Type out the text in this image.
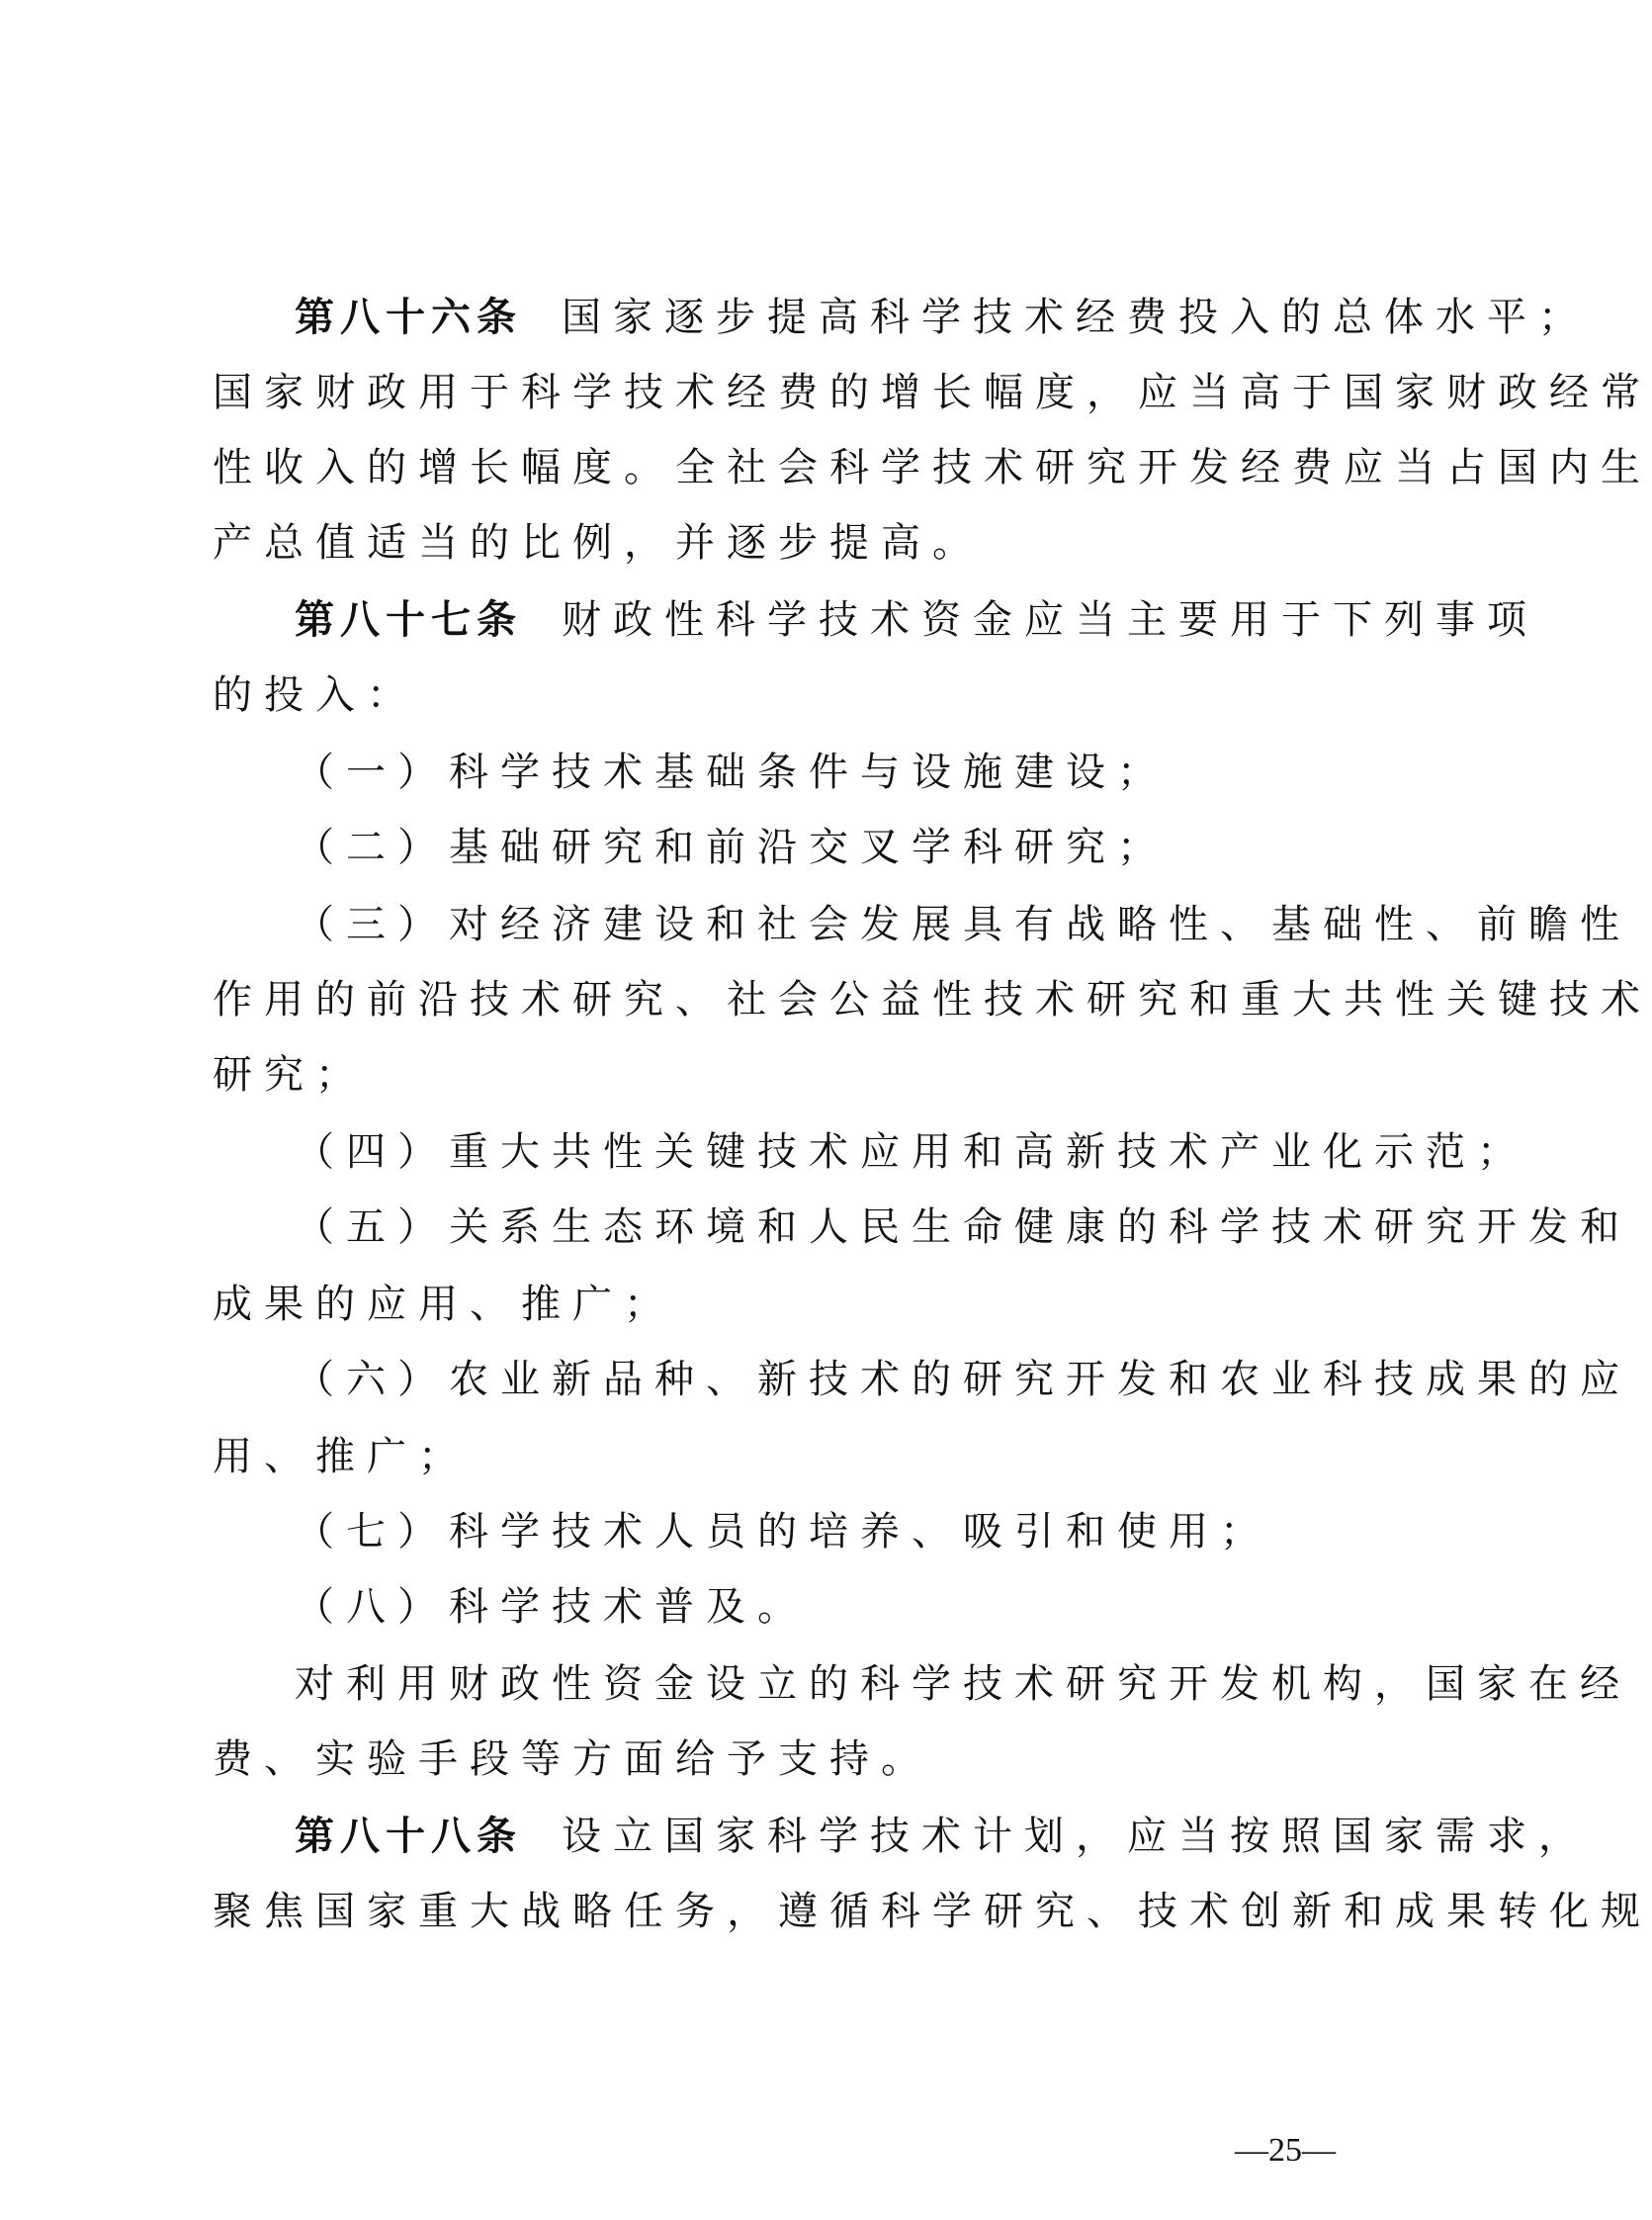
第八十六条 国家逐步提高科学技术经费投入的总体水平；
国家财政用于科学技术经费的增长幅度，应当高于国家财政经常
性收入的增长幅度。全社会科学技术研究开发经费应当占国内生
产总值适当的比例，并逐步提高。
第八十七条 财政性科学技术资金应当主要用于下列事项
的投入：
（一）科学技术基础条件与设施建设；
（二）基础研究和前沿交叉学科研究；
（三）对经济建设和社会发展具有战略性、基础性、前瞻性
作用的前沿技术研究、社会公益性技术研究和重大共性关键技术
研究；
（四）重大共性关键技术应用和高新技术产业化示范；
（五）关系生态环境和人民生命健康的科学技术研究开发和
成果的应用、推广；
（六）农业新品种、新技术的研究开发和农业科技成果的应
用、推广；
（七）科学技术人员的培养、吸引和使用；
（八）科学技术普及。
对利用财政性资金设立的科学技术研究开发机构，国家在经
费、实验手段等方面给予支持。
第八十八条 设立国家科学技术计划，应当按照国家需求，
聚焦国家重大战略任务，遵循科学研究、技术创新和成果转化规
—25—
